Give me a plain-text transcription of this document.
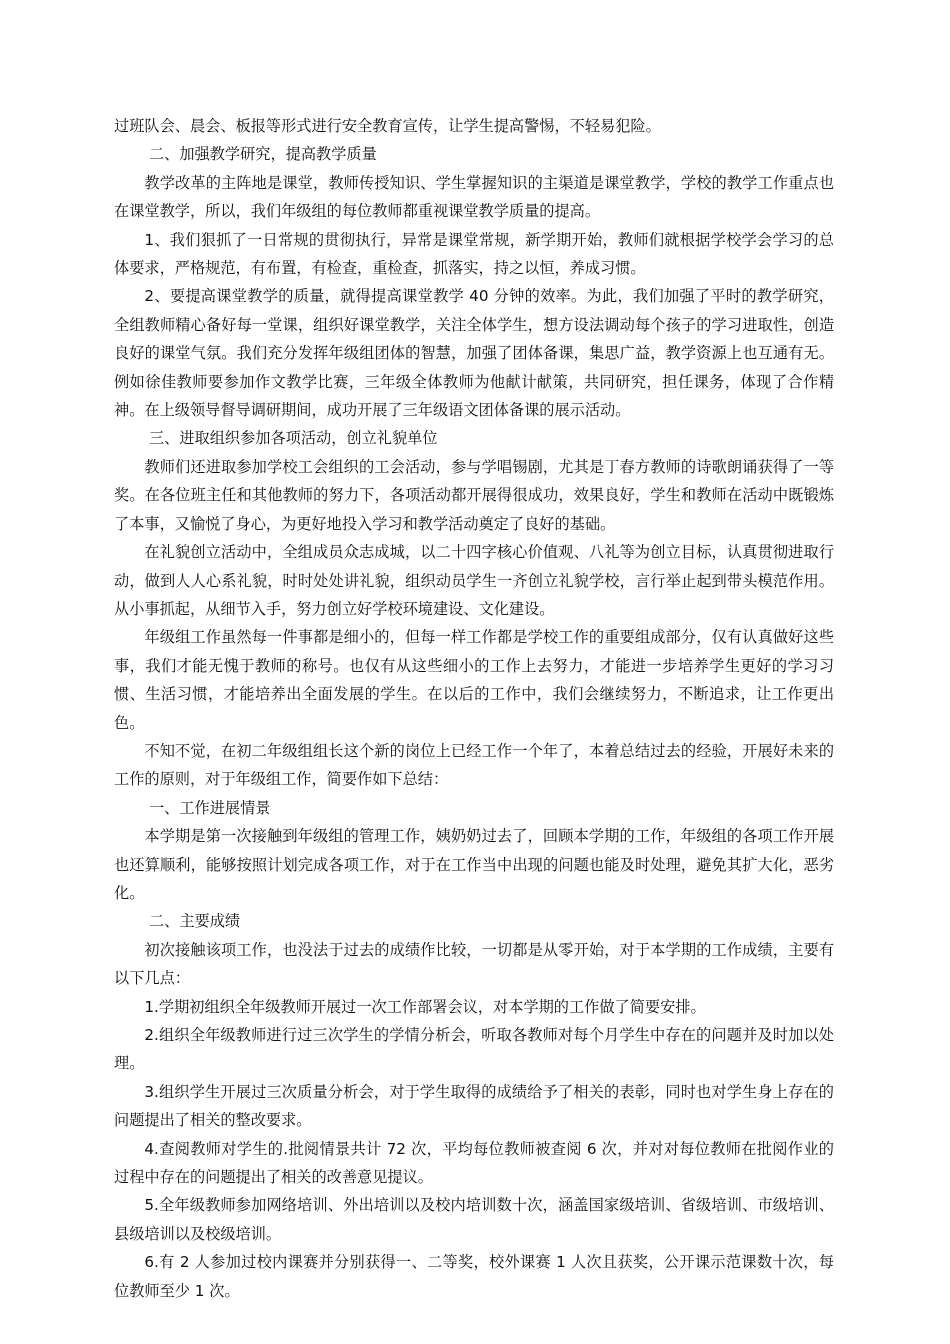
过班队会、晨会、板报等形式进行安全教育宣传，让学生提高警惕，不轻易犯险。

二、加强教学研究，提高教学质量

教学改革的主阵地是课堂，教师传授知识、学生掌握知识的主渠道是课堂教学，学校的教学工作重点也在课堂教学，所以，我们年级组的每位教师都重视课堂教学质量的提高。

1、我们狠抓了一日常规的贯彻执行，异常是课堂常规，新学期开始，教师们就根据学校学会学习的总体要求，严格规范，有布置，有检查，重检查，抓落实，持之以恒，养成习惯。

2、要提高课堂教学的质量，就得提高课堂教学 40 分钟的效率。为此，我们加强了平时的教学研究，全组教师精心备好每一堂课，组织好课堂教学，关注全体学生，想方设法调动每个孩子的学习进取性，创造良好的课堂气氛。我们充分发挥年级组团体的智慧，加强了团体备课，集思广益，教学资源上也互通有无。例如徐佳教师要参加作文教学比赛，三年级全体教师为他献计献策，共同研究，担任课务，体现了合作精神。在上级领导督导调研期间，成功开展了三年级语文团体备课的展示活动。

三、进取组织参加各项活动，创立礼貌单位

教师们还进取参加学校工会组织的工会活动，参与学唱锡剧，尤其是丁春方教师的诗歌朗诵获得了一等奖。在各位班主任和其他教师的努力下，各项活动都开展得很成功，效果良好，学生和教师在活动中既锻炼了本事，又愉悦了身心，为更好地投入学习和教学活动奠定了良好的基础。

在礼貌创立活动中，全组成员众志成城，以二十四字核心价值观、八礼等为创立目标，认真贯彻进取行动，做到人人心系礼貌，时时处处讲礼貌，组织动员学生一齐创立礼貌学校，言行举止起到带头模范作用。从小事抓起，从细节入手，努力创立好学校环境建设、文化建设。

年级组工作虽然每一件事都是细小的，但每一样工作都是学校工作的重要组成部分，仅有认真做好这些事，我们才能无愧于教师的称号。也仅有从这些细小的工作上去努力，才能进一步培养学生更好的学习习惯、生活习惯，才能培养出全面发展的学生。在以后的工作中，我们会继续努力，不断追求，让工作更出色。

不知不觉，在初二年级组组长这个新的岗位上已经工作一个年了，本着总结过去的经验，开展好未来的工作的原则，对于年级组工作，简要作如下总结：

一、工作进展情景

本学期是第一次接触到年级组的管理工作，姨奶奶过去了，回顾本学期的工作，年级组的各项工作开展也还算顺利，能够按照计划完成各项工作，对于在工作当中出现的问题也能及时处理，避免其扩大化，恶劣化。

二、主要成绩

初次接触该项工作，也没法于过去的成绩作比较，一切都是从零开始，对于本学期的工作成绩，主要有以下几点：

1.学期初组织全年级教师开展过一次工作部署会议，对本学期的工作做了简要安排。

2.组织全年级教师进行过三次学生的学情分析会，听取各教师对每个月学生中存在的问题并及时加以处理。

3.组织学生开展过三次质量分析会，对于学生取得的成绩给予了相关的表彰，同时也对学生身上存在的问题提出了相关的整改要求。

4.查阅教师对学生的.批阅情景共计 72 次，平均每位教师被查阅 6 次，并对对每位教师在批阅作业的过程中存在的问题提出了相关的改善意见提议。

5.全年级教师参加网络培训、外出培训以及校内培训数十次，涵盖国家级培训、省级培训、市级培训、县级培训以及校级培训。

6.有 2 人参加过校内课赛并分别获得一、二等奖，校外课赛 1 人次且获奖，公开课示范课数十次，每位教师至少 1 次。
